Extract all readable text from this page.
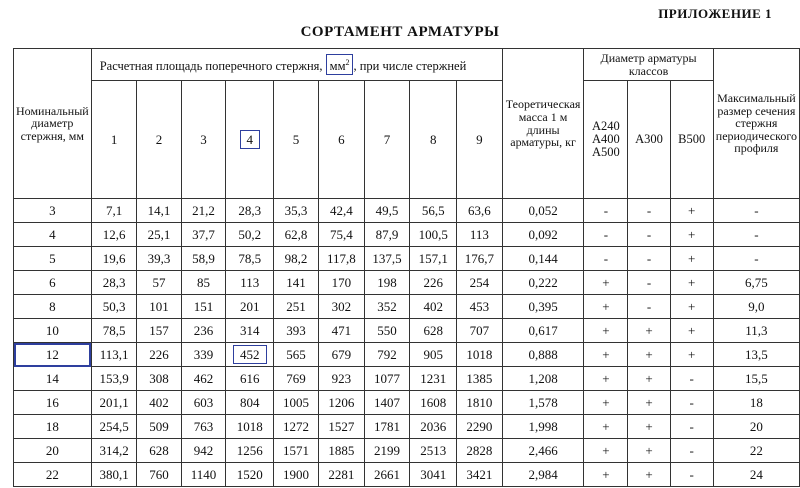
ПРИЛОЖЕНИЕ 1
СОРТАМЕНТ АРМАТУРЫ
Номинальный диаметр стержня, мм	Расчетная площадь поперечного стержня, $мм^2$ , при числе стержней									Теоретическая масса 1 м длины арматуры, кг	Диаметр арматуры классов			Максимальный размер сечения стержня периодического профиля
	1	2	3	4	5	6	7	8	9		А240
А400
А500	А300	В500	
3	7,1	14,1	21,2	28,3	35,3	42,4	49,5	56,5	63,6	0,052	-	-	+	-
4	12,6	25,1	37,7	50,2	62,8	75,4	87,9	100,5	113	0,092	-	-	+	-
5	19,6	39,3	58,9	78,5	98,2	117,8	137,5	157,1	176,7	0,144	-	-	+	-
6	28,3	57	85	113	141	170	198	226	254	0,222	+	-	+	6,75
8	50,3	101	151	201	251	302	352	402	453	0,395	+	-	+	9,0
10	78,5	157	236	314	393	471	550	628	707	0,617	+	+	+	11,3
12	113,1	226	339	452	565	679	792	905	1018	0,888	+	+	+	13,5
14	153,9	308	462	616	769	923	1077	1231	1385	1,208	+	+	-	15,5
16	201,1	402	603	804	1005	1206	1407	1608	1810	1,578	+	+	-	18
18	254,5	509	763	1018	1272	1527	1781	2036	2290	1,998	+	+	-	20
20	314,2	628	942	1256	1571	1885	2199	2513	2828	2,466	+	+	-	22
22	380,1	760	1140	1520	1900	2281	2661	3041	3421	2,984	+	+	-	24
